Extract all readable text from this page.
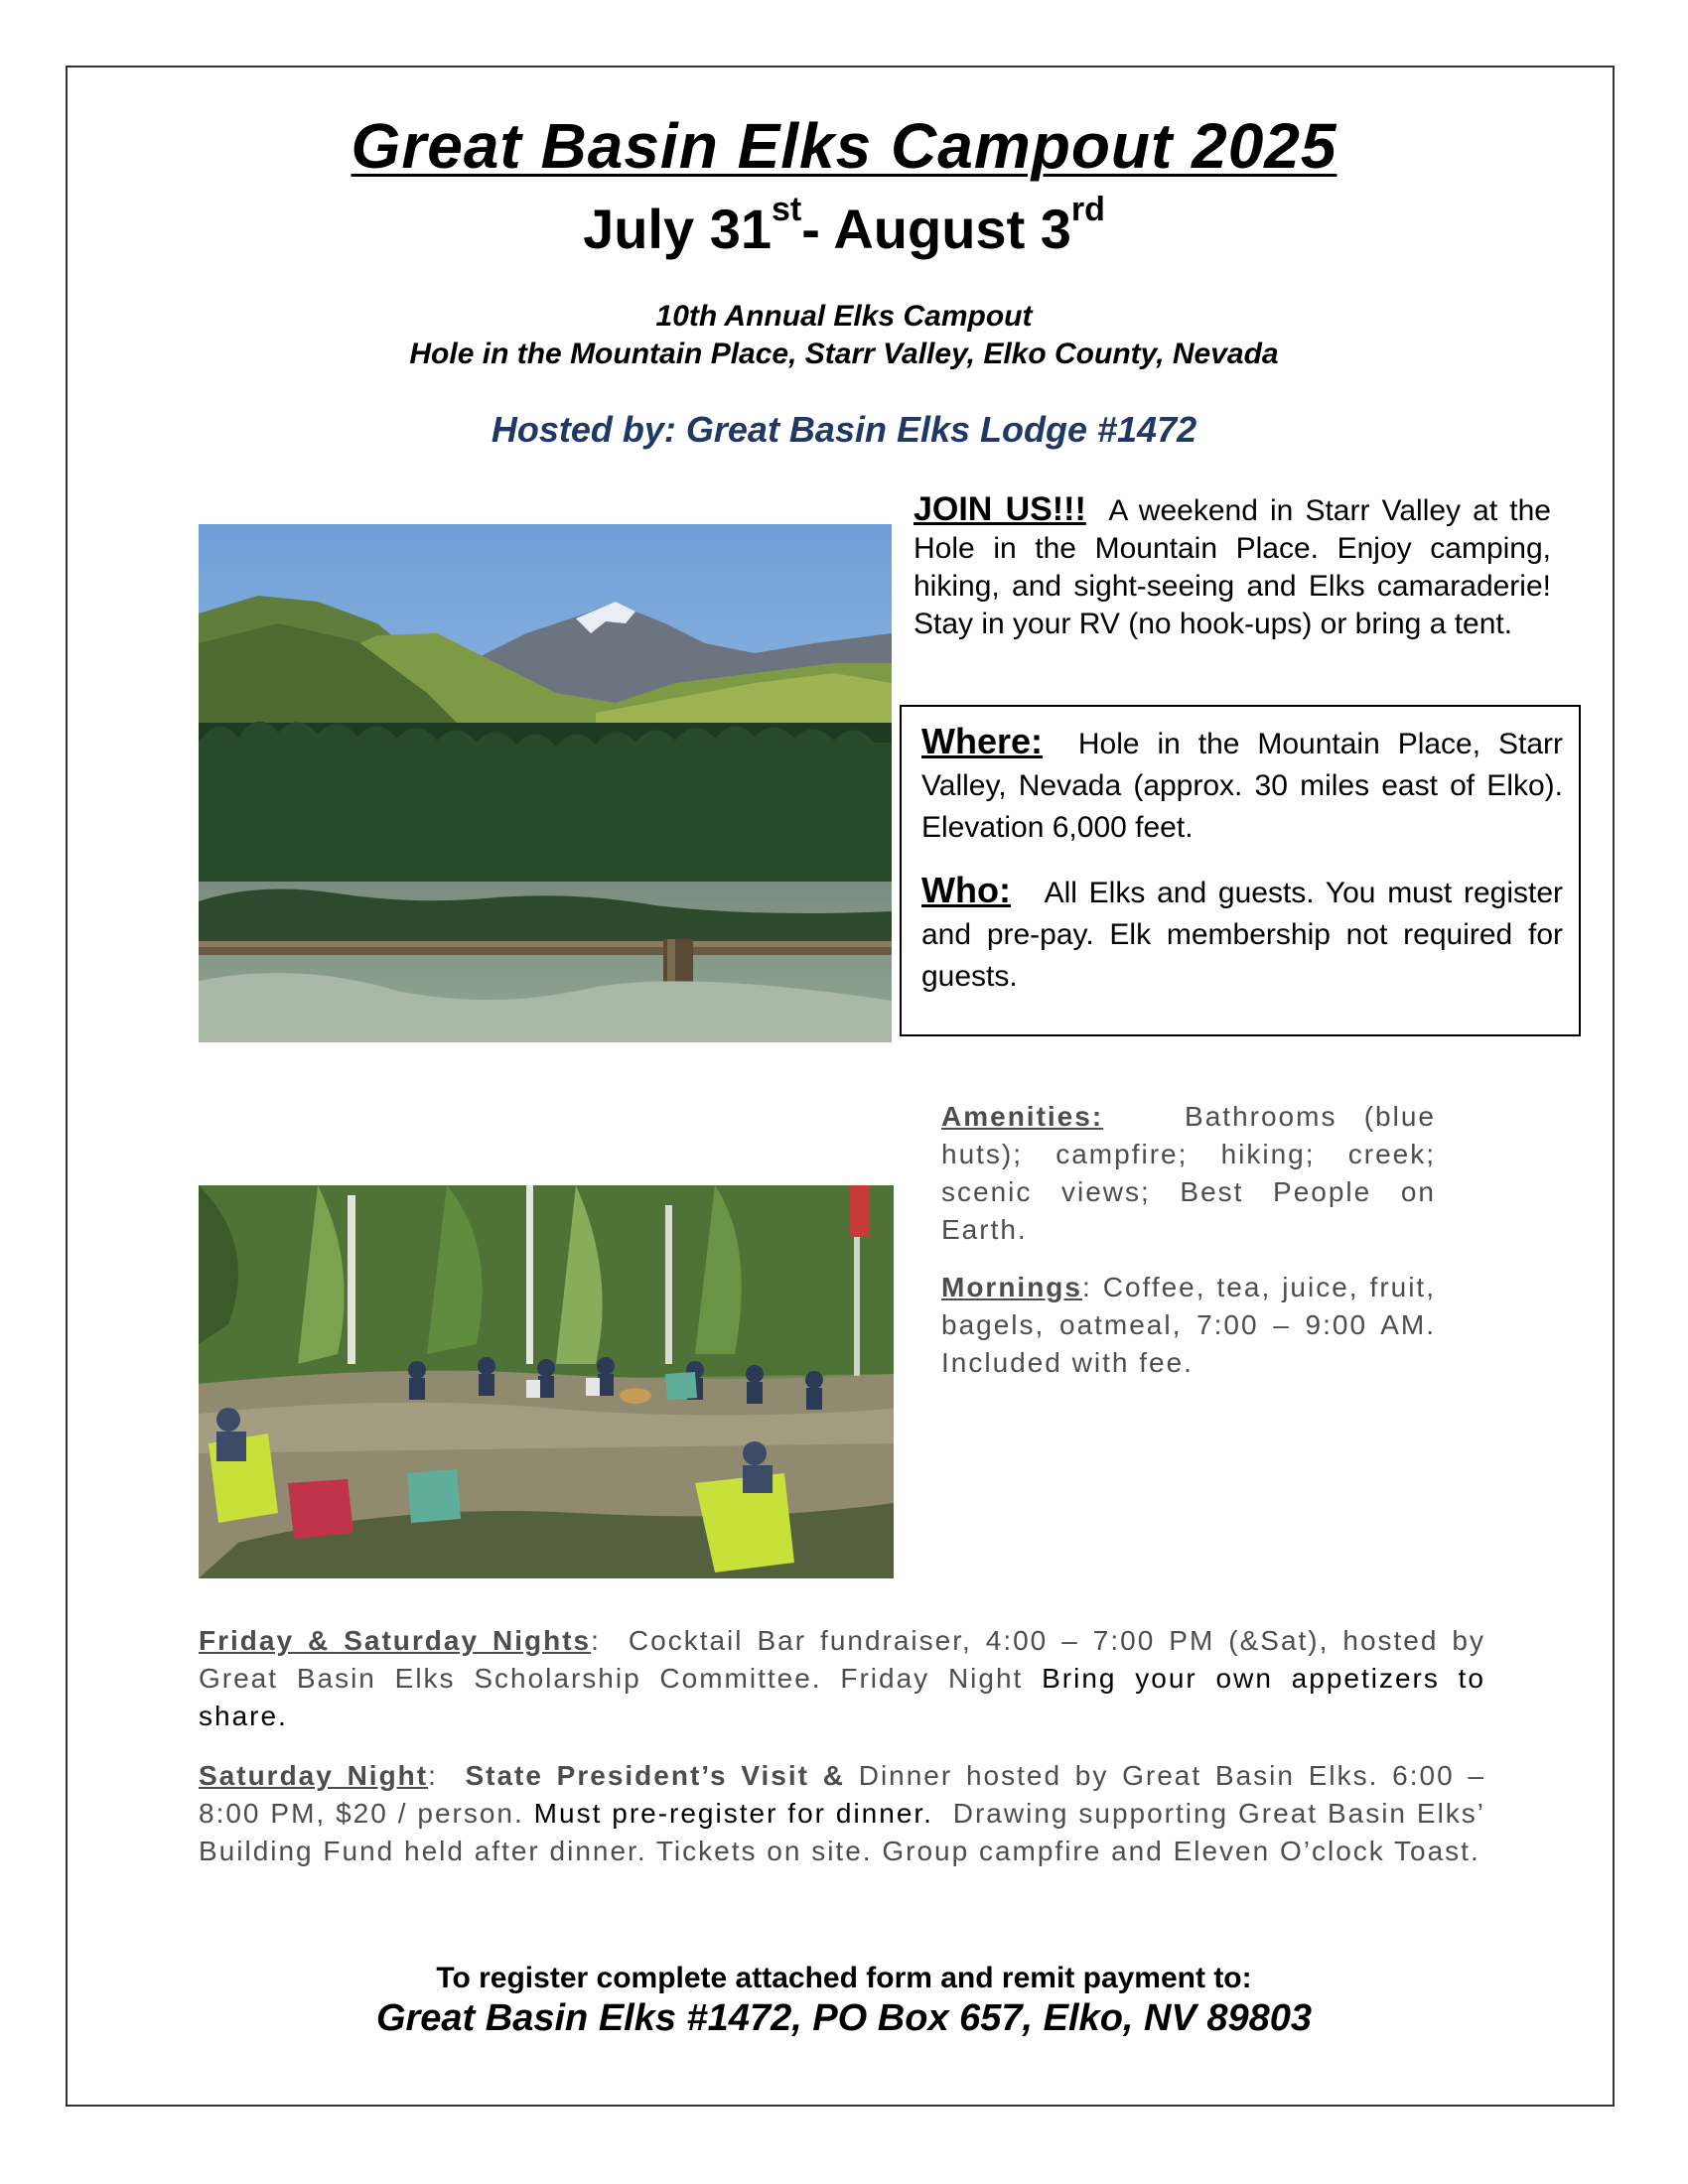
Great Basin Elks Campout 2025
July 31st- August 3rd
10th Annual Elks Campout
Hole in the Mountain Place, Starr Valley, Elko County, Nevada
Hosted by: Great Basin Elks Lodge #1472
JOIN US!!! A weekend in Starr Valley at the Hole in the Mountain Place. Enjoy camping, hiking, and sight-seeing and Elks camaraderie! Stay in your RV (no hook-ups) or bring a tent.
Where: Hole in the Mountain Place, Starr Valley, Nevada (approx. 30 miles east of Elko). Elevation 6,000 feet.
Who: All Elks and guests. You must register and pre-pay. Elk membership not required for guests.
Amenities:	Bathrooms (blue huts); campfire; hiking; creek; scenic views; Best People on Earth.
Mornings: Coffee, tea, juice, fruit, bagels, oatmeal, 7:00 – 9:00 AM. Included with fee.
Friday & Saturday Nights: Cocktail Bar fundraiser, 4:00 – 7:00 PM (&Sat), hosted by Great Basin Elks Scholarship Committee. Friday Night Bring your own appetizers to share.
Saturday Night: State President’s Visit & Dinner hosted by Great Basin Elks. 6:00 – 8:00 PM, $20 / person. Must pre-register for dinner. Drawing supporting Great Basin Elks’ Building Fund held after dinner. Tickets on site. Group campfire and Eleven O’clock Toast.
To register complete attached form and remit payment to:
Great Basin Elks #1472, PO Box 657, Elko, NV 89803
